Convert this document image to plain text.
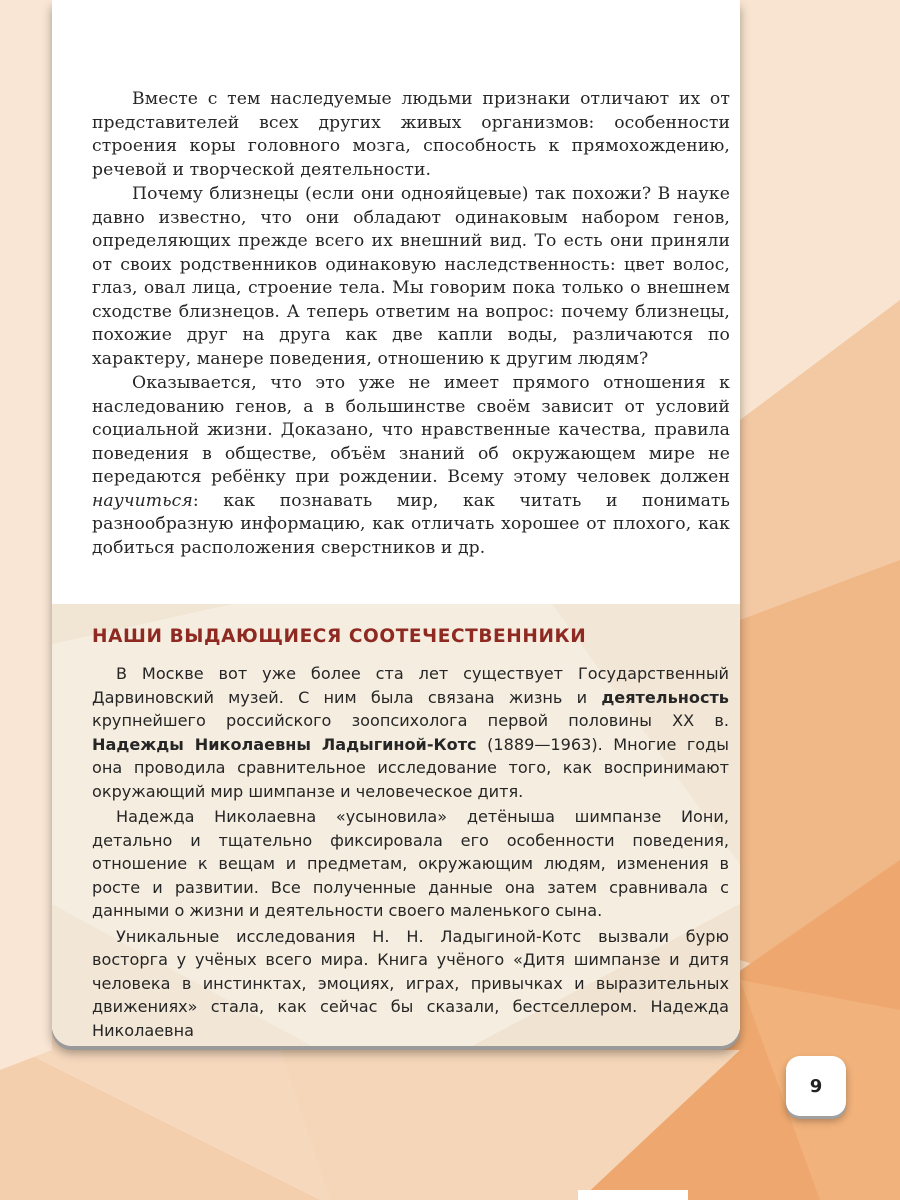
Вместе с тем наследуемые людьми признаки отличают их от представителей всех других живых организмов: особенности строения коры головного мозга, способность к прямохождению, речевой и творческой деятельности.

Почему близнецы (если они однояйцевые) так похожи? В науке давно известно, что они обладают одинаковым набором генов, определяющих прежде всего их внешний вид. То есть они приняли от своих родственников одинаковую наследственность: цвет волос, глаз, овал лица, строение тела. Мы говорим пока только о внешнем сходстве близнецов. А теперь ответим на вопрос: почему близнецы, похожие друг на друга как две капли воды, различаются по характеру, манере поведения, отношению к другим людям?

Оказывается, что это уже не имеет прямого отношения к наследованию генов, а в большинстве своём зависит от условий социальной жизни. Доказано, что нравственные качества, правила поведения в обществе, объём знаний об окружающем мире не передаются ребёнку при рождении. Всему этому человек должен научиться: как познавать мир, как читать и понимать разнообразную информацию, как отличать хорошее от плохого, как добиться расположения сверстников и др.

НАШИ ВЫДАЮЩИЕСЯ СООТЕЧЕСТВЕННИКИ

В Москве вот уже более ста лет существует Государственный Дарвиновский музей. С ним была связана жизнь и деятельность крупнейшего российского зоопсихолога первой половины XX в. Надежды Николаевны Ладыгиной-Котс (1889—1963). Многие годы она проводила сравнительное исследование того, как воспринимают окружающий мир шимпанзе и человеческое дитя.

Надежда Николаевна «усыновила» детёныша шимпанзе Иони, детально и тщательно фиксировала его особенности поведения, отношение к вещам и предметам, окружающим людям, изменения в росте и развитии. Все полученные данные она затем сравнивала с данными о жизни и деятельности своего маленького сына.

Уникальные исследования Н. Н. Ладыгиной-Котс вызвали бурю восторга у учёных всего мира. Книга учёного «Дитя шимпанзе и дитя человека в инстинктах, эмоциях, играх, привычках и выразительных движениях» стала, как сейчас бы сказали, бестселлером. Надежда Николаевна

9
